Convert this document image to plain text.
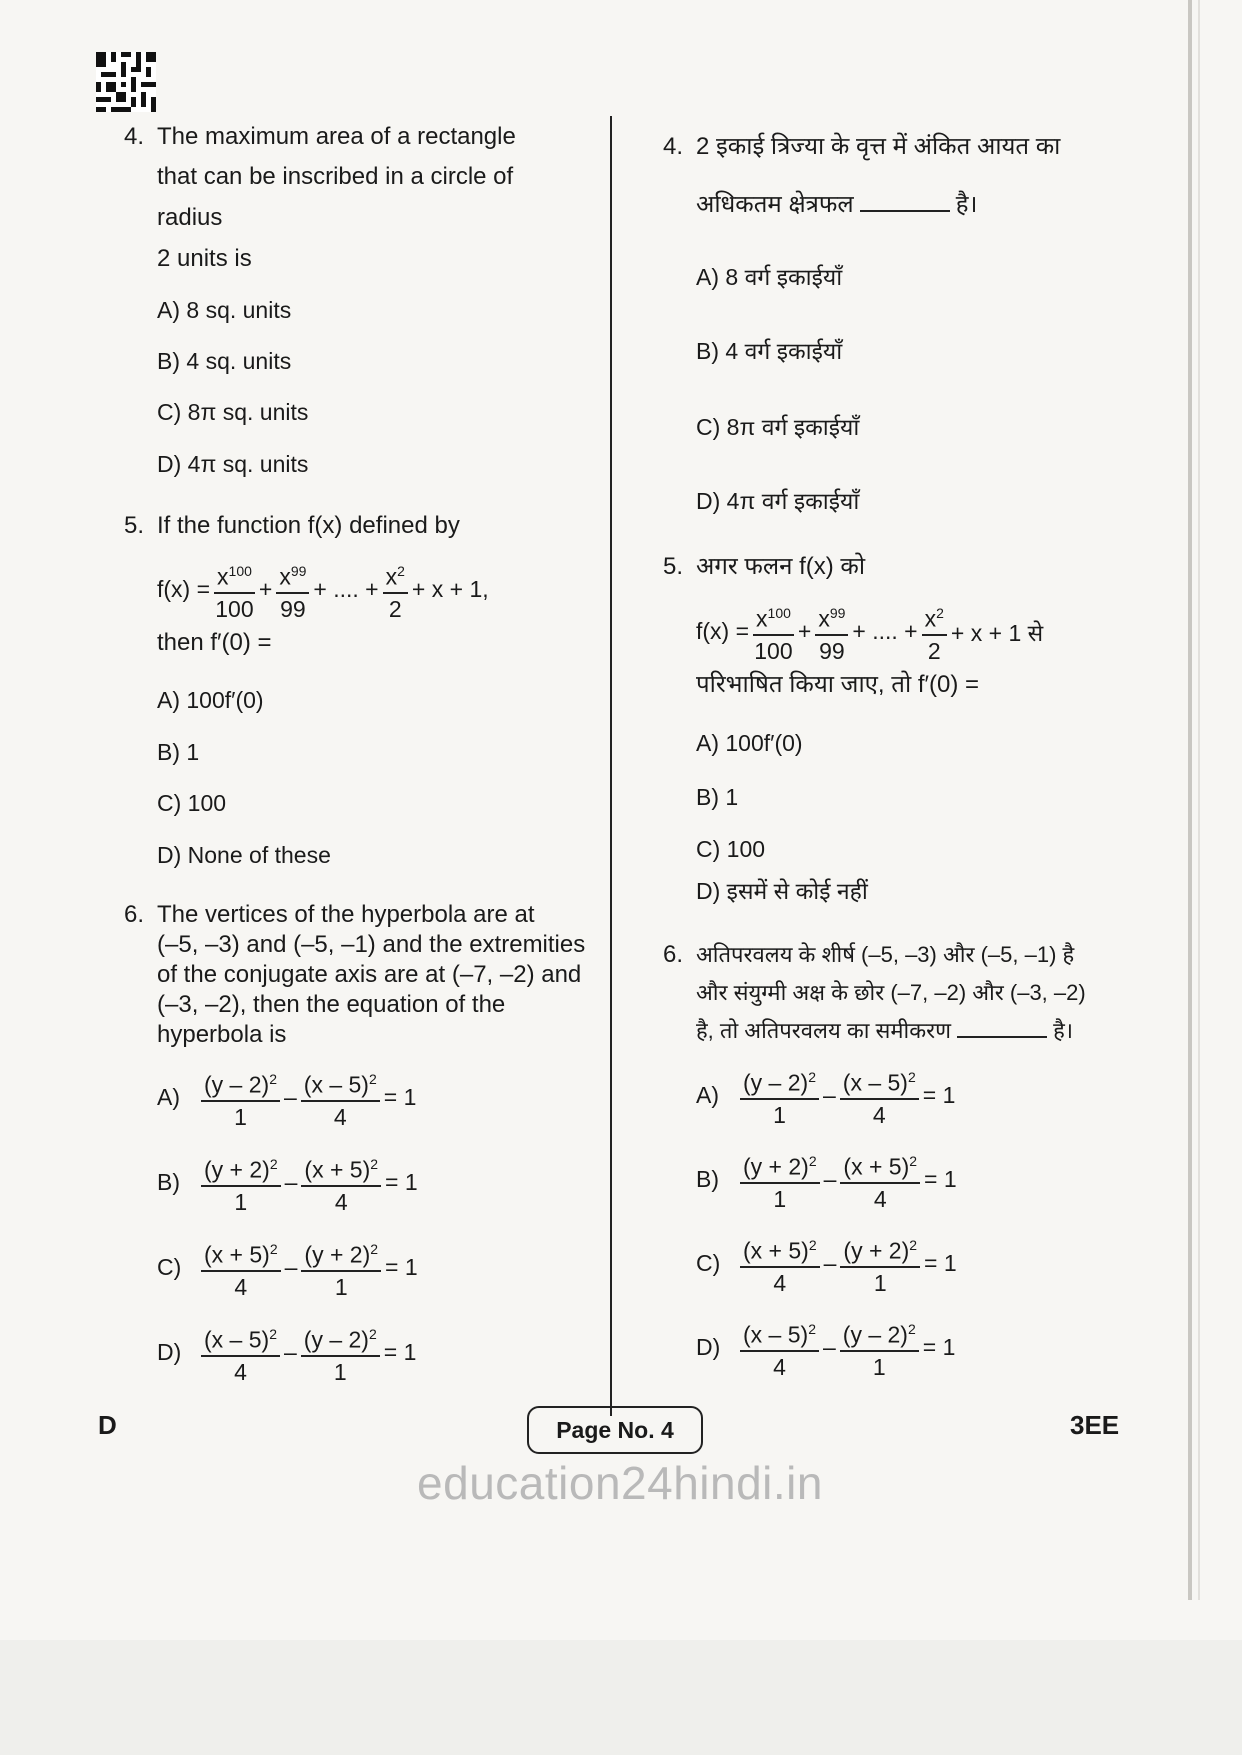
4. The maximum area of a rectangle
that can be inscribed in a circle of
radius
2 units is
A) 8 sq. units
B) 4 sq. units
C) 8π sq. units
D) 4π sq. units
5. If the function f(x) defined by
$f(x) = \frac{x^{100}}{100} + \frac{x^{99}}{99}$ + .... + $\frac{x^2}{2} + x + 1$,
then f′(0) =
A) 100f′(0)
B) 1
C) 100
D) None of these
6. The vertices of the hyperbola are at
(–5, –3) and (–5, –1) and the extremities
of the conjugate axis are at (–7, –2) and
(–3, –2), then the equation of the
hyperbola is
$A) \frac{(y - 2)^2}{1} - \frac{(x - 5)^2}{4} = 1$
$B) \frac{(y + 2)^2}{1} - \frac{(x + 5)^2}{4} = 1$
$C) \frac{(x + 5)^2}{4} - \frac{(y + 2)^2}{1} = 1$
$D) \frac{(x - 5)^2}{4} - \frac{(y - 2)^2}{1} = 1$
4. 2 इकाई त्रिज्या के वृत्त में अंकित आयत का
अधिकतम क्षेत्रफल	है।
A) 8 वर्ग इकाईयाँ
B) 4 वर्ग इकाईयाँ
C) 8π वर्ग इकाईयाँ
D) 4π वर्ग इकाईयाँ
5. अगर फलन f(x) को
$f(x) = \frac{x^{100}}{100} + \frac{x^{99}}{99}$ + .... + $\frac{x^2}{2} + x + 1$ से
परिभाषित किया जाए, तो f′(0) =
A) 100f′(0)
B) 1
C) 100
D) इसमें से कोई नहीं
6. अतिपरवलय के शीर्ष (–5, –3) और (–5, –1) है
और संयुग्मी अक्ष के छोर (–7, –2) और (–3, –2)
है, तो अतिपरवलय का समीकरण	है।
$A) \frac{(y - 2)^2}{1} - \frac{(x - 5)^2}{4} = 1$
$B) \frac{(y + 2)^2}{1} - \frac{(x + 5)^2}{4} = 1$
$C) \frac{(x + 5)^2}{4} - \frac{(y + 2)^2}{1} = 1$
$D) \frac{(x - 5)^2}{4} - \frac{(y - 2)^2}{1} = 1$
D	Page No. 4	3EE
education24hindi.in
